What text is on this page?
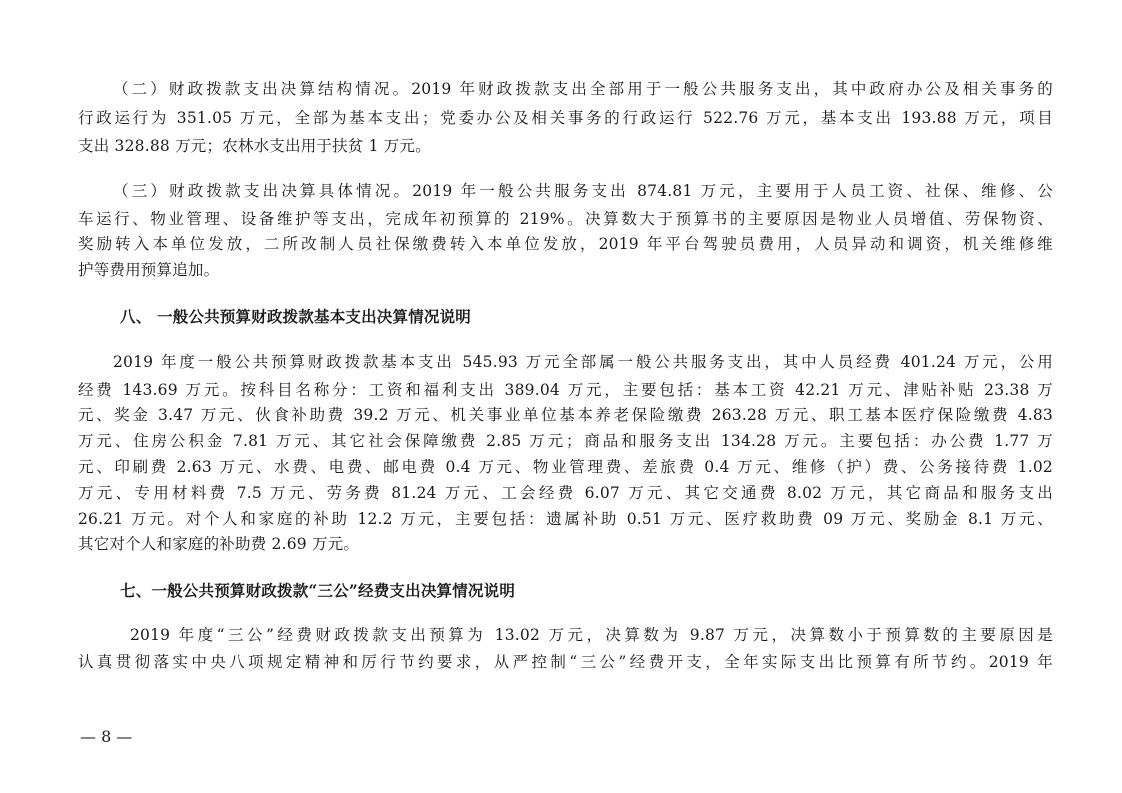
（二）财政拨款支出决算结构情况。2019 年财政拨款支出全部用于一般公共服务支出，其中政府办公及相关事务的
行政运行为 351.05 万元，全部为基本支出；党委办公及相关事务的行政运行 522.76 万元，基本支出 193.88 万元，项目
支出 328.88 万元；农林水支出用于扶贫 1 万元。
（三）财政拨款支出决算具体情况。2019 年一般公共服务支出 874.81 万元，主要用于人员工资、社保、维修、公
车运行、物业管理、设备维护等支出，完成年初预算的 219%。决算数大于预算书的主要原因是物业人员增值、劳保物资、
奖励转入本单位发放，二所改制人员社保缴费转入本单位发放，2019 年平台驾驶员费用，人员异动和调资，机关维修维
护等费用预算追加。
八、 一般公共预算财政拨款基本支出决算情况说明
2019 年度一般公共预算财政拨款基本支出 545.93 万元全部属一般公共服务支出，其中人员经费 401.24 万元，公用
经费 143.69 万元。按科目名称分：工资和福利支出 389.04 万元，主要包括：基本工资 42.21 万元、津贴补贴 23.38 万
元、奖金 3.47 万元、伙食补助费 39.2 万元、机关事业单位基本养老保险缴费 263.28 万元、职工基本医疗保险缴费 4.83
万元、住房公积金 7.81 万元、其它社会保障缴费 2.85 万元；商品和服务支出 134.28 万元。主要包括：办公费 1.77 万
元、印刷费 2.63 万元、水费、电费、邮电费 0.4 万元、物业管理费、差旅费 0.4 万元、维修（护）费、公务接待费 1.02
万元、专用材料费 7.5 万元、劳务费 81.24 万元、工会经费 6.07 万元、其它交通费 8.02 万元，其它商品和服务支出
26.21 万元。对个人和家庭的补助 12.2 万元，主要包括：遗属补助 0.51 万元、医疗救助费 09 万元、奖励金 8.1 万元、
其它对个人和家庭的补助费 2.69 万元。
七、一般公共预算财政拨款“三公”经费支出决算情况说明
2019 年度“三公”经费财政拨款支出预算为 13.02 万元，决算数为 9.87 万元，决算数小于预算数的主要原因是
认真贯彻落实中央八项规定精神和厉行节约要求，从严控制“三公”经费开支，全年实际支出比预算有所节约。2019 年
— 8 —
